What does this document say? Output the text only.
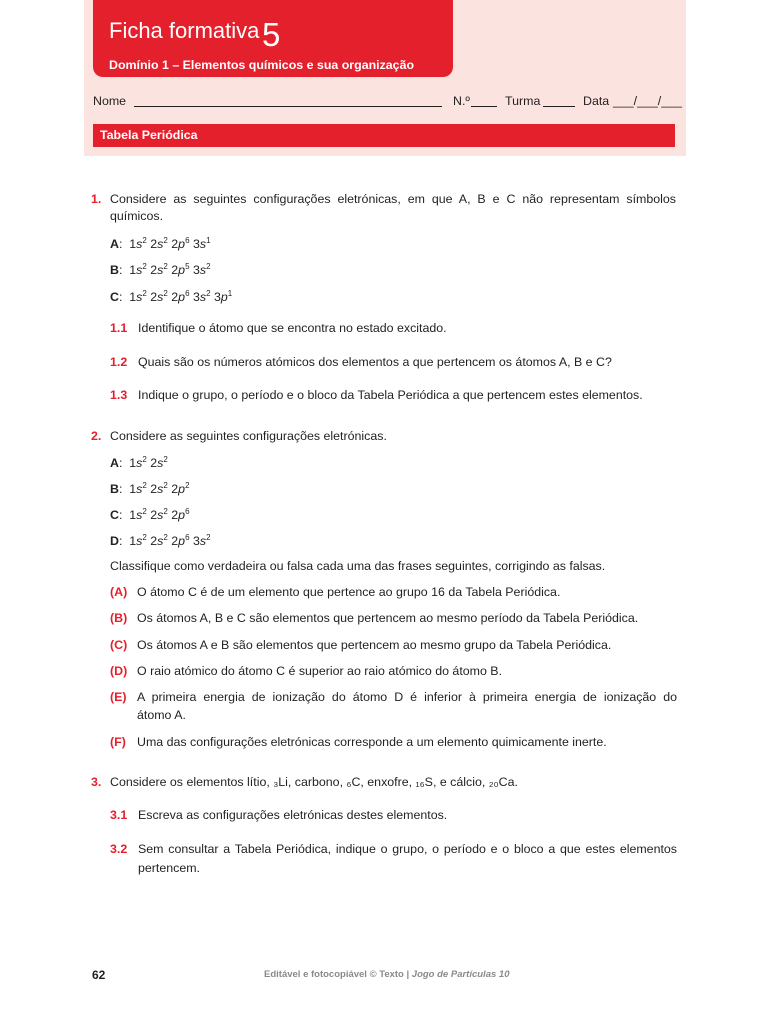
Ficha formativa 5
Domínio 1 – Elementos químicos e sua organização
Nome	N.º	Turma	Data ___/___/___
Tabela Periódica
1. Considere as seguintes configurações eletrónicas, em que A, B e C não representam símbolos
químicos.
A:  $1s^2$ $2s^2$ $2p^6$ $3s^1$
B:  $1s^2$ $2s^2$ $2p^5$ $3s^2$
C:  $1s^2$ $2s^2$ $2p^6$ $3s^2$ $3p^1$
1.1 Identifique o átomo que se encontra no estado excitado.
1.2 Quais são os números atómicos dos elementos a que pertencem os átomos A, B e C?
1.3 Indique o grupo, o período e o bloco da Tabela Periódica a que pertencem estes elementos.
2. Considere as seguintes configurações eletrónicas.
A:  $1s^2$ $2s^2$
B:  $1s^2$ $2s^2$ $2p^2$
C:  $1s^2$ $2s^2$ $2p^6$
D:  $1s^2$ $2s^2$ $2p^6$ $3s^2$
Classifique como verdadeira ou falsa cada uma das frases seguintes, corrigindo as falsas.
(A) O átomo C é de um elemento que pertence ao grupo 16 da Tabela Periódica.
(B) Os átomos A, B e C são elementos que pertencem ao mesmo período da Tabela Periódica.
(C) Os átomos A e B são elementos que pertencem ao mesmo grupo da Tabela Periódica.
(D) O raio atómico do átomo C é superior ao raio atómico do átomo B.
(E) A primeira energia de ionização do átomo D é inferior à primeira energia de ionização do
átomo A.
(F) Uma das configurações eletrónicas corresponde a um elemento quimicamente inerte.
3. Considere os elementos lítio, ₃Li, carbono, ₆C, enxofre, ₁₆S, e cálcio, ₂₀Ca.
3.1 Escreva as configurações eletrónicas destes elementos.
3.2 Sem consultar a Tabela Periódica, indique o grupo, o período e o bloco a que estes elementos
pertencem.
62	Editável e fotocopiável © Texto | Jogo de Partículas 10
